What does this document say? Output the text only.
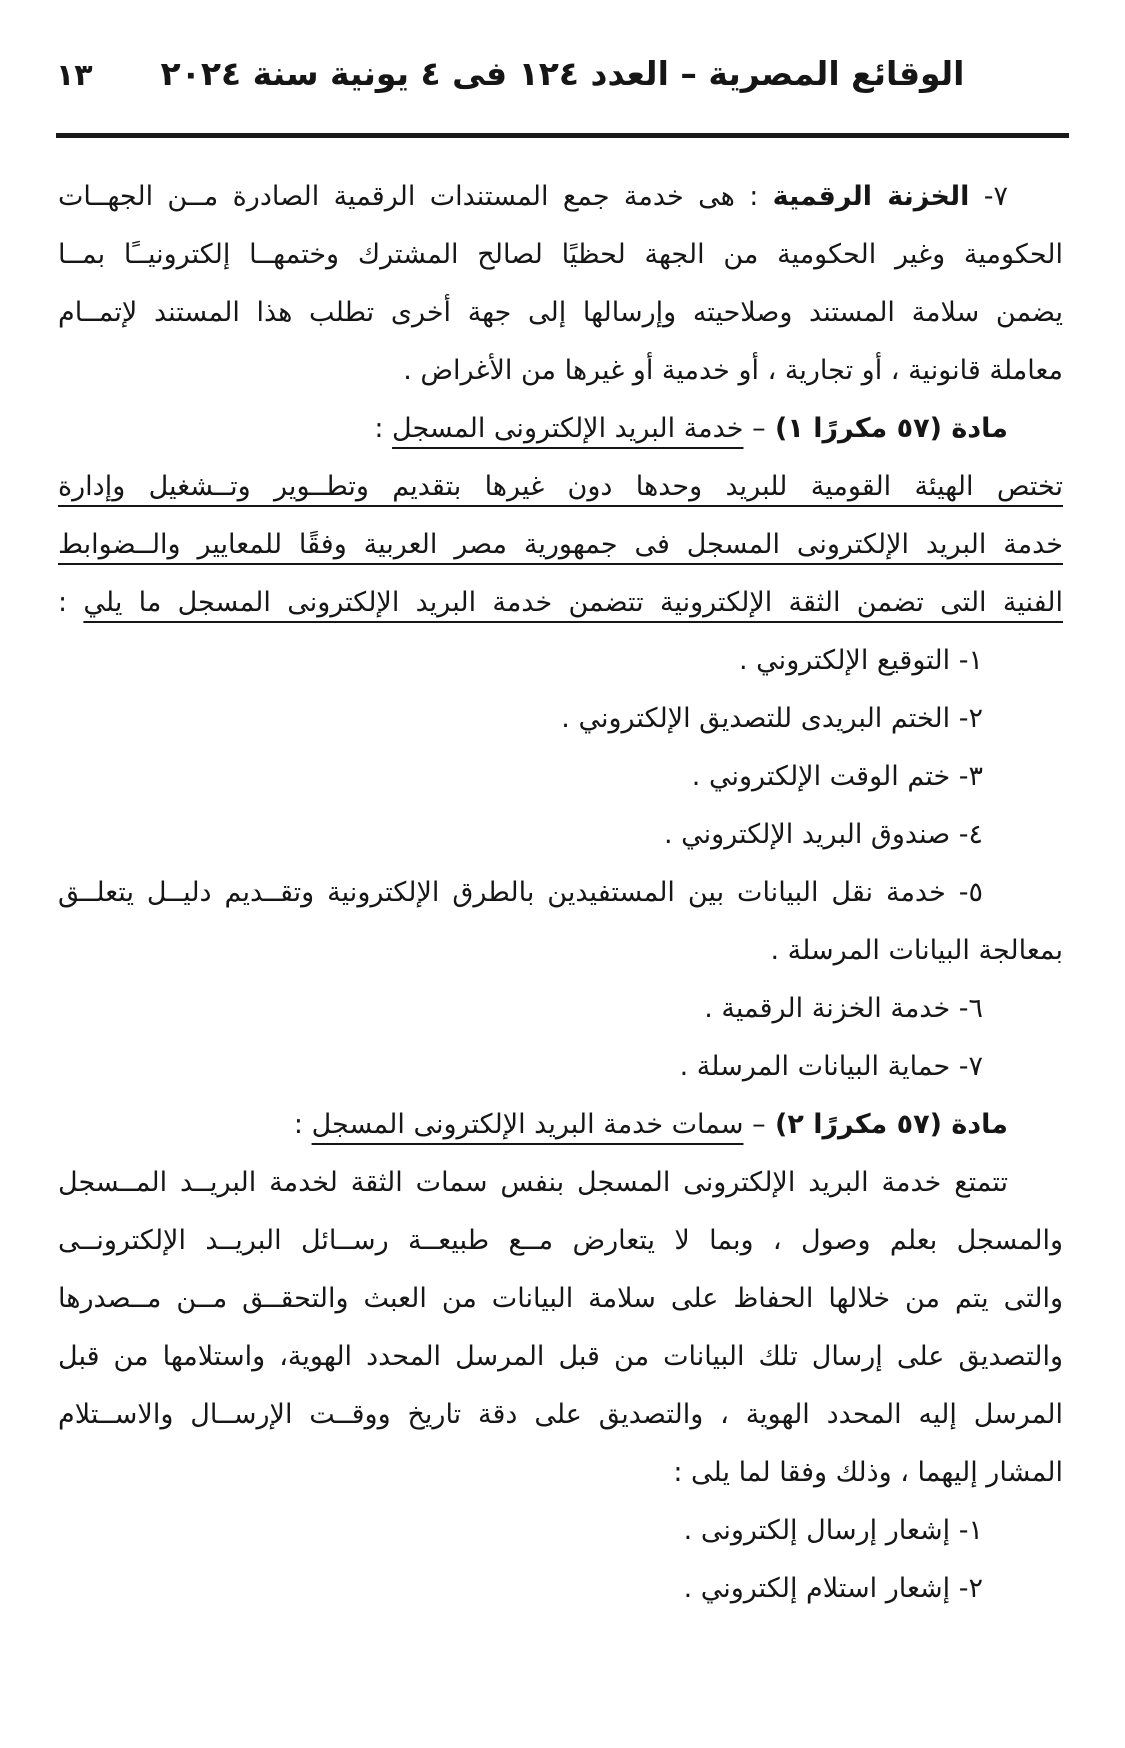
١٣	الوقائع المصرية – العدد ١٢٤ فى ٤ يونية سنة ٢٠٢٤
٧- الخزنة الرقمية : هى خدمة جمع المستندات الرقمية الصادرة مــن الجهــات
الحكومية وغير الحكومية من الجهة لحظيًا لصالح المشترك وختمهــا إلكترونيــًا بمــا
يضمن سلامة المستند وصلاحيته وإرسالها إلى جهة أخرى تطلب هذا المستند لإتمــام
معاملة قانونية ، أو تجارية ، أو خدمية أو غيرها من الأغراض .
مادة (٥٧ مكررًا ١) – خدمة البريد الإلكترونى المسجل :
تختص الهيئة القومية للبريد وحدها دون غيرها بتقديم وتطــوير وتــشغيل وإدارة
خدمة البريد الإلكترونى المسجل فى جمهورية مصر العربية وفقًا للمعايير والــضوابط
الفنية التى تضمن الثقة الإلكترونية تتضمن خدمة البريد الإلكترونى المسجل ما يلي :
١- التوقيع الإلكتروني .
٢- الختم البريدى للتصديق الإلكتروني .
٣- ختم الوقت الإلكتروني .
٤- صندوق البريد الإلكتروني .
٥- خدمة نقل البيانات بين المستفيدين بالطرق الإلكترونية وتقــديم دليــل يتعلــق
بمعالجة البيانات المرسلة .
٦- خدمة الخزنة الرقمية .
٧- حماية البيانات المرسلة .
مادة (٥٧ مكررًا ٢) – سمات خدمة البريد الإلكترونى المسجل :
تتمتع خدمة البريد الإلكترونى المسجل بنفس سمات الثقة لخدمة البريــد المــسجل
والمسجل بعلم وصول ، وبما لا يتعارض مــع طبيعــة رســائل البريــد الإلكترونــى
والتى يتم من خلالها الحفاظ على سلامة البيانات من العبث والتحقــق مــن مــصدرها
والتصديق على إرسال تلك البيانات من قبل المرسل المحدد الهوية، واستلامها من قبل
المرسل إليه المحدد الهوية ، والتصديق على دقة تاريخ ووقــت الإرســال والاســتلام
المشار إليهما ، وذلك وفقا لما يلى :
١- إشعار إرسال إلكترونى .
٢- إشعار استلام إلكتروني .
